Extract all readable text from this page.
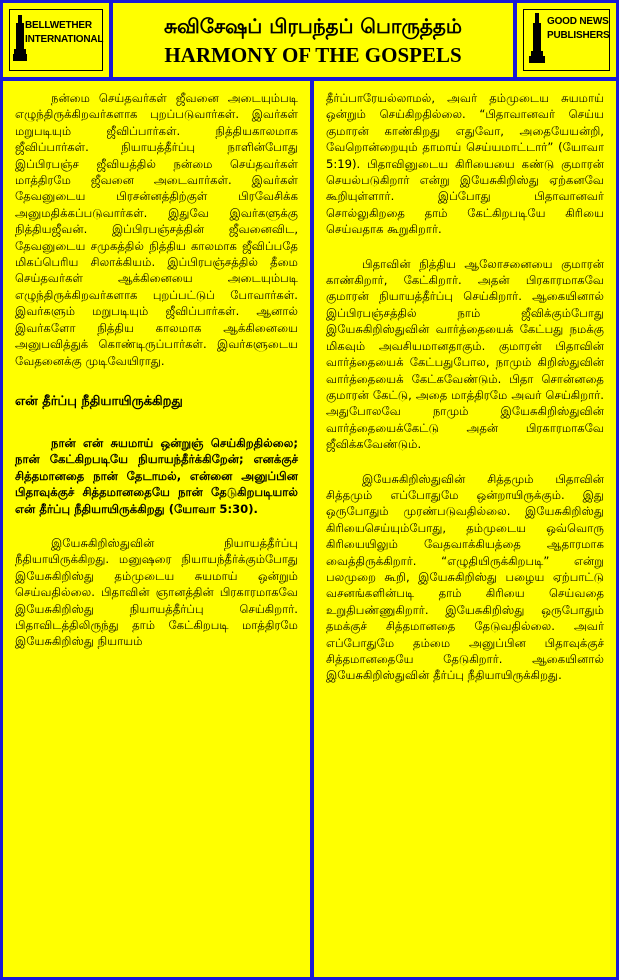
BELLWETHER
INTERNATIONAL
சுவிசேஷப் பிரபந்தப் பொருத்தம்
HARMONY OF THE GOSPELS
GOOD NEWS
PUBLISHERS

நன்மை செய்தவர்கள் ஜீவனை அடையும்படி எழுந்திருக்கிறவர்களாக புறப்படுவார்கள். இவர்கள் மறுபடியும் ஜீவிப்பார்கள். நித்தியகாலமாக ஜீவிப்பார்கள். நியாயத்தீர்ப்பு நாளின்போது இப்பிரபஞ்ச ஜீவியத்தில் நன்மை செய்தவர்கள் மாத்திரமே ஜீவனை அடைவார்கள். இவர்கள் தேவனுடைய பிரசன்னத்திற்குள் பிரவேசிக்க அனுமதிக்கப்படுவார்கள். இதுவே இவர்களுக்கு நித்தியஜீவன். இப்பிரபஞ்சத்தின் ஜீவனைவிட, தேவனுடைய சமுகத்தில் நித்திய காலமாக ஜீவிப்பதே மிகப்பெரிய சிலாக்கியம். இப்பிரபஞ்சத்தில் தீமை செய்தவர்கள் ஆக்கினையை அடையும்படி எழுந்திருக்கிறவர்களாக புறப்பட்டுப் போவார்கள். இவர்களும் மறுபடியும் ஜீவிப்பார்கள். ஆனால் இவர்களோ நித்திய காலமாக ஆக்கினையை அனுபவித்துக் கொண்டிருப்பார்கள். இவர்களுடைய வேதனைக்கு முடிவேயிராது.

என் தீர்ப்பு நீதியாயிருக்கிறது

நான் என் சுயமாய் ஒன்றுஞ் செய்கிறதில்லை; நான் கேட்கிறபடியே நியாயந்தீர்க்கிறேன்; எனக்குச் சித்தமானதை நான் தேடாமல், என்னை அனுப்பின பிதாவுக்குச் சித்தமானதையே நான் தேடுகிறபடியால் என் தீர்ப்பு நீதியாயிருக்கிறது (யோவா 5:30).

இயேசுகிறிஸ்துவின் நியாயத்தீர்ப்பு நீதியாயிருக்கிறது. மனுஷரை நியாயந்தீர்க்கும்போது இயேசுகிறிஸ்து தம்முடைய சுயமாய் ஒன்றும் செய்வதில்லை. பிதாவின் ஞானத்தின் பிரகாரமாகவே இயேசுகிறிஸ்து நியாயத்தீர்ப்பு செய்கிறார். பிதாவிடத்திலிருந்து தாம் கேட்கிறபடி மாத்திரமே இயேசுகிறிஸ்து நியாயம்

தீர்ப்பாரேயல்லாமல், அவர் தம்முடைய சுயமாய் ஒன்றும் செய்கிறதில்லை. “பிதாவானவர் செய்ய குமாரன் காண்கிறது எதுவோ, அதையேயன்றி, வேறொன்றையும் தாமாய் செய்யமாட்டார்” (யோவா 5:19). பிதாவினுடைய கிரியையை கண்டு குமாரன் செயல்படுகிறார் என்று இயேசுகிறிஸ்து ஏற்கனவே கூறியுள்ளார். இப்போது பிதாவானவர் சொல்லுகிறதை தாம் கேட்கிறபடியே கிரியை செய்வதாக கூறுகிறார்.

பிதாவின் நித்திய ஆலோசனையை குமாரன் காண்கிறார், கேட்கிறார். அதன் பிரகாரமாகவே குமாரன் நியாயத்தீர்ப்பு செய்கிறார். ஆகையினால் இப்பிரபஞ்சத்தில் நாம் ஜீவிக்கும்போது இயேசுகிறிஸ்துவின் வார்த்தையைக் கேட்பது நமக்கு மிகவும் அவசியமானதாகும். குமாரன் பிதாவின் வார்த்தையைக் கேட்பதுபோல, நாமும் கிறிஸ்துவின் வார்த்தையைக் கேட்கவேண்டும். பிதா சொன்னதை குமாரன் கேட்டு, அதை மாத்திரமே அவர் செய்கிறார். அதுபோலவே நாமும் இயேசுகிறிஸ்துவின் வார்த்தையைக்கேட்டு அதன் பிரகாரமாகவே ஜீவிக்கவேண்டும்.

இயேசுகிறிஸ்துவின் சித்தமும் பிதாவின் சித்தமும் எப்போதுமே ஒன்றாயிருக்கும். இது ஒருபோதும் முரண்படுவதில்லை. இயேசுகிறிஸ்து கிரியைசெய்யும்போது, தம்முடைய ஒவ்வொரு கிரியையிலும் வேதவாக்கியத்தை ஆதாரமாக வைத்திருக்கிறார். “எழுதியிருக்கிறபடி” என்று பலமுறை கூறி, இயேசுகிறிஸ்து பழைய ஏற்பாட்டு வசனங்களின்படி தாம் கிரியை செய்வதை உறுதிபண்ணுகிறார். இயேசுகிறிஸ்து ஒருபோதும் தமக்குச் சித்தமானதை தேடுவதில்லை. அவர் எப்போதுமே தம்மை அனுப்பின பிதாவுக்குச் சித்தமானதையே தேடுகிறார். ஆகையினால் இயேசுகிறிஸ்துவின் தீர்ப்பு நீதியாயிருக்கிறது.
